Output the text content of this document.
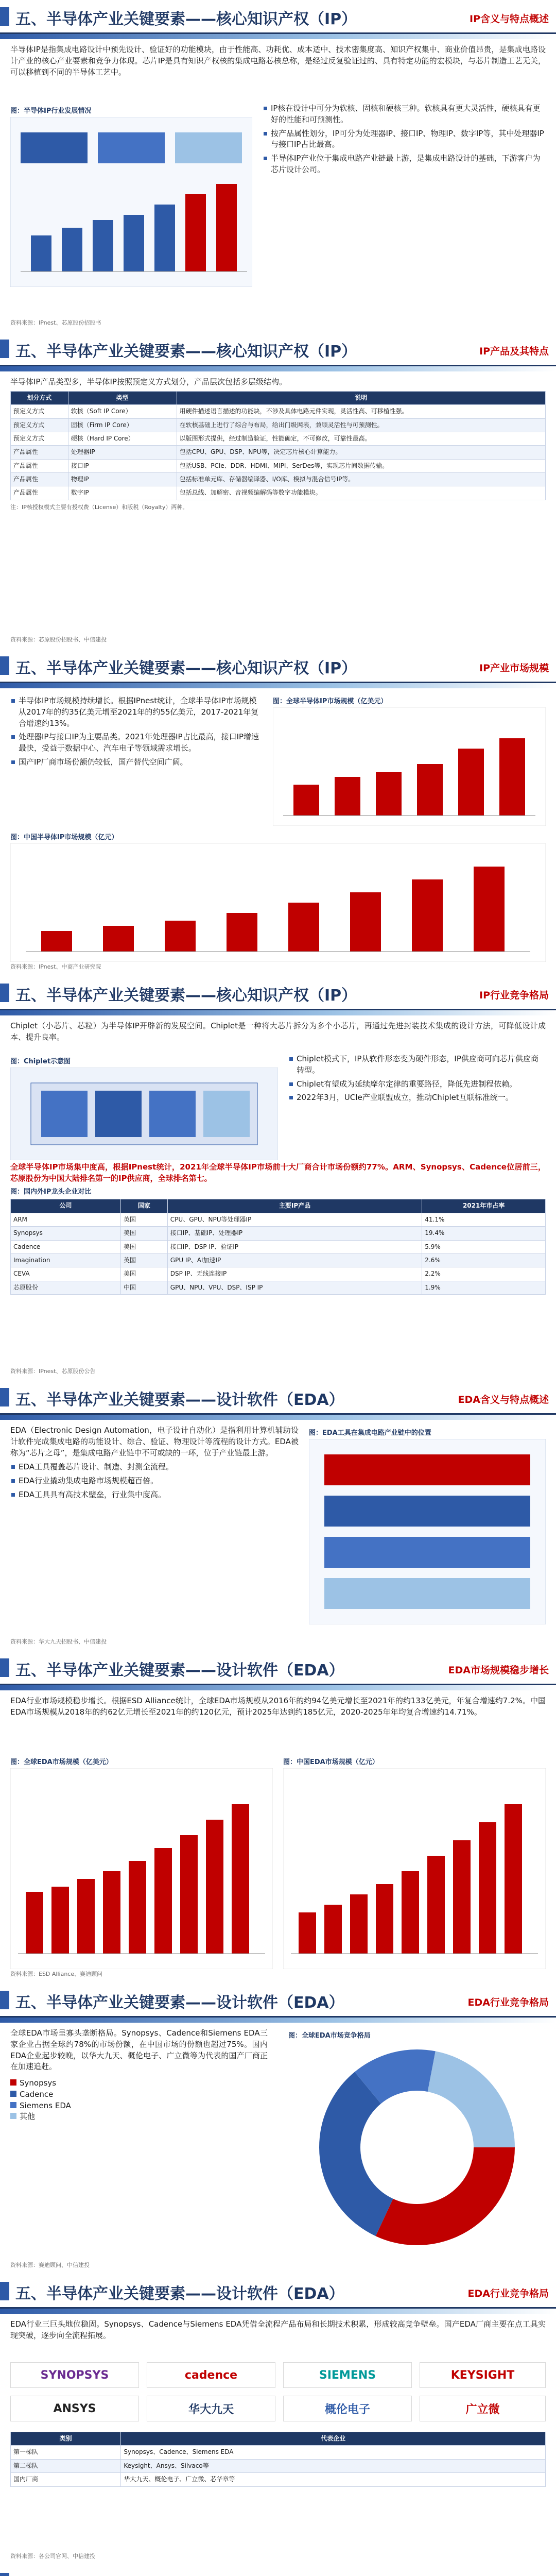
五、半导体产业关键要素——核心知识产权（IP）	IP含义与特点概述

半导体IP是指集成电路设计中预先设计、验证好的功能模块，由于性能高、功耗优、成本适中、技术密集度高、知识产权集中、商业价值昂贵，是集成电路设计产业的核心产业要素和竞争力体现。芯片IP是具有知识产权核的集成电路芯核总称，是经过反复验证过的、具有特定功能的宏模块，与芯片制造工艺无关，可以移植到不同的半导体工艺中。

图：半导体IP行业发展情况	IP核在设计中可分为软核、固核和硬核三种。软核具有更大灵活性，硬核具有更好的性能和可预测性。
按产品属性划分，IP可分为处理器IP、接口IP、物理IP、数字IP等，其中处理器IP与接口IP占比最高。
半导体IP产业位于集成电路产业链最上游，是集成电路设计的基础，下游客户为芯片设计公司。
资料来源：IPnest、芯原股份招股书
五、半导体产业关键要素——核心知识产权（IP）	IP产品及其特点

半导体IP产品类型多，半导体IP按照预定义方式划分，产品层次包括多层级结构。

划分方式	类型	说明
预定义方式	软核（Soft IP Core）	用硬件描述语言描述的功能块，不涉及具体电路元件实现，灵活性高、可移植性强。
预定义方式	固核（Firm IP Core）	在软核基础上进行了综合与布局，给出门级网表，兼顾灵活性与可预测性。
预定义方式	硬核（Hard IP Core）	以版图形式提供，经过制造验证，性能确定，不可修改，可靠性最高。
产品属性	处理器IP	包括CPU、GPU、DSP、NPU等，决定芯片核心计算能力。
产品属性	接口IP	包括USB、PCIe、DDR、HDMI、MIPI、SerDes等，实现芯片间数据传输。
产品属性	物理IP	包括标准单元库、存储器编译器、I/O库、模拟与混合信号IP等。
产品属性	数字IP	包括总线、加解密、音视频编解码等数字功能模块。

注：IP核授权模式主要有授权费（License）和版税（Royalty）两种。

资料来源：芯原股份招股书、中信建投
五、半导体产业关键要素——核心知识产权（IP）	IP产业市场规模
半导体IP市场规模持续增长。根据IPnest统计，全球半导体IP市场规模从2017年的约35亿美元增至2021年的约55亿美元，2017-2021年复合增速约13%。
处理器IP与接口IP为主要品类。2021年处理器IP占比最高，接口IP增速最快，受益于数据中心、汽车电子等领域需求增长。
国产IP厂商市场份额仍较低，国产替代空间广阔。
图：全球半导体IP市场规模（亿美元）
图：中国半导体IP市场规模（亿元）
资料来源：IPnest、中商产业研究院
五、半导体产业关键要素——核心知识产权（IP）	IP行业竞争格局

Chiplet（小芯片、芯粒）为半导体IP开辟新的发展空间。Chiplet是一种将大芯片拆分为多个小芯片，再通过先进封装技术集成的设计方法，可降低设计成本、提升良率。

图：Chiplet示意图	Chiplet模式下，IP从软件形态变为硬件形态，IP供应商可向芯片供应商转型。
Chiplet有望成为延续摩尔定律的重要路径，降低先进制程依赖。
2022年3月，UCIe产业联盟成立，推动Chiplet互联标准统一。

全球半导体IP市场集中度高，根据IPnest统计，2021年全球半导体IP市场前十大厂商合计市场份额约77%。ARM、Synopsys、Cadence位居前三，芯原股份为中国大陆排名第一的IP供应商，全球排名第七。

图：国内外IP龙头企业对比
公司	国家	主要IP产品	2021年市占率
ARM	英国	CPU、GPU、NPU等处理器IP	41.1%
Synopsys	美国	接口IP、基础IP、处理器IP	19.4%
Cadence	美国	接口IP、DSP IP、验证IP	5.9%
Imagination	英国	GPU IP、AI加速IP	2.6%
CEVA	美国	DSP IP、无线连接IP	2.2%
芯原股份	中国	GPU、NPU、VPU、DSP、ISP IP	1.9%
资料来源：IPnest、芯原股份公告
五、半导体产业关键要素——设计软件（EDA）	EDA含义与特点概述

EDA（Electronic Design Automation，电子设计自动化）是指利用计算机辅助设计软件完成集成电路的功能设计、综合、验证、物理设计等流程的设计方式。EDA被称为“芯片之母”，是集成电路产业链中不可或缺的一环，位于产业链最上游。

EDA工具覆盖芯片设计、制造、封测全流程。
EDA行业撬动集成电路市场规模超百倍。
EDA工具具有高技术壁垒，行业集中度高。
图：EDA工具在集成电路产业链中的位置
资料来源：华大九天招股书、中信建投
五、半导体产业关键要素——设计软件（EDA）	EDA市场规模稳步增长

EDA行业市场规模稳步增长。根据ESD Alliance统计，全球EDA市场规模从2016年的约94亿美元增长至2021年的约133亿美元，年复合增速约7.2%。中国EDA市场规模从2018年的约62亿元增长至2021年的约120亿元，预计2025年达到约185亿元，2020-2025年年均复合增速约14.71%。

图：全球EDA市场规模（亿美元）	图：中国EDA市场规模（亿元）
资料来源：ESD Alliance、赛迪顾问
五、半导体产业关键要素——设计软件（EDA）	EDA行业竞争格局

全球EDA市场呈寡头垄断格局。Synopsys、Cadence和Siemens EDA三家企业占据全球约78%的市场份额，在中国市场的份额也超过75%。国内EDA企业起步较晚，以华大九天、概伦电子、广立微等为代表的国产厂商正在加速追赶。

Synopsys
Cadence
Siemens EDA
其他
图：全球EDA市场竞争格局
资料来源：赛迪顾问、中信建投
五、半导体产业关键要素——设计软件（EDA）	EDA行业竞争格局

EDA行业三巨头地位稳固。Synopsys、Cadence与Siemens EDA凭借全流程产品布局和长期技术积累，形成较高竞争壁垒。国产EDA厂商主要在点工具实现突破，逐步向全流程拓展。

SYNOPSYS	cadence	SIEMENS	KEYSIGHT
ANSYS	华大九天	概伦电子	广立微
类别	代表企业
第一梯队	Synopsys、Cadence、Siemens EDA
第二梯队	Keysight、Ansys、Silvaco等
国内厂商	华大九天、概伦电子、广立微、芯华章等
资料来源：各公司官网、中信建投
